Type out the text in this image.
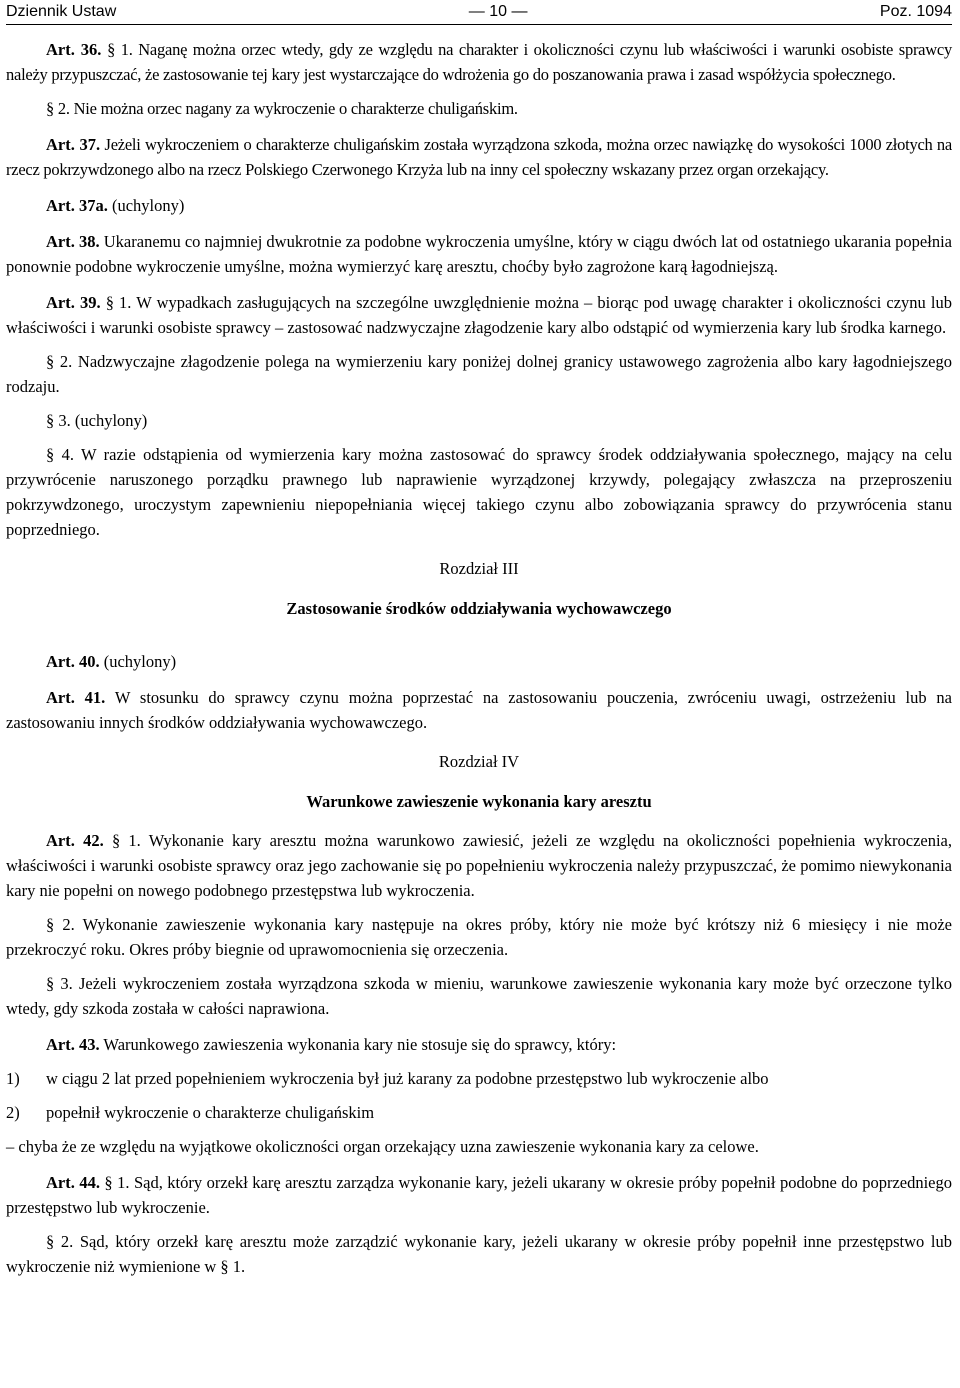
Dziennik Ustaw	— 10 —	Poz. 1094

Art. 36. § 1. Naganę można orzec wtedy, gdy ze względu na charakter i okoliczności czynu lub właściwości i warunki osobiste sprawcy należy przypuszczać, że zastosowanie tej kary jest wystarczające do wdrożenia go do poszanowania prawa i zasad współżycia społecznego.

§ 2. Nie można orzec nagany za wykroczenie o charakterze chuligańskim.

Art. 37. Jeżeli wykroczeniem o charakterze chuligańskim została wyrządzona szkoda, można orzec nawiązkę do wysokości 1000 złotych na rzecz pokrzywdzonego albo na rzecz Polskiego Czerwonego Krzyża lub na inny cel społeczny wskazany przez organ orzekający.

Art. 37a. (uchylony)

Art. 38. Ukaranemu co najmniej dwukrotnie za podobne wykroczenia umyślne, który w ciągu dwóch lat od ostatniego ukarania popełnia ponownie podobne wykroczenie umyślne, można wymierzyć karę aresztu, choćby było zagrożone karą łagodniejszą.

Art. 39. § 1. W wypadkach zasługujących na szczególne uwzględnienie można – biorąc pod uwagę charakter i okoliczności czynu lub właściwości i warunki osobiste sprawcy – zastosować nadzwyczajne złagodzenie kary albo odstąpić od wymierzenia kary lub środka karnego.

§ 2. Nadzwyczajne złagodzenie polega na wymierzeniu kary poniżej dolnej granicy ustawowego zagrożenia albo kary łagodniejszego rodzaju.

§ 3. (uchylony)

§ 4. W razie odstąpienia od wymierzenia kary można zastosować do sprawcy środek oddziaływania społecznego, mający na celu przywrócenie naruszonego porządku prawnego lub naprawienie wyrządzonej krzywdy, polegający zwłaszcza na przeproszeniu pokrzywdzonego, uroczystym zapewnieniu niepopełniania więcej takiego czynu albo zobowiązania sprawcy do przywrócenia stanu poprzedniego.

Rozdział III

Zastosowanie środków oddziaływania wychowawczego

Art. 40. (uchylony)

Art. 41. W stosunku do sprawcy czynu można poprzestać na zastosowaniu pouczenia, zwróceniu uwagi, ostrzeżeniu lub na zastosowaniu innych środków oddziaływania wychowawczego.

Rozdział IV

Warunkowe zawieszenie wykonania kary aresztu

Art. 42. § 1. Wykonanie kary aresztu można warunkowo zawiesić, jeżeli ze względu na okoliczności popełnienia wykroczenia, właściwości i warunki osobiste sprawcy oraz jego zachowanie się po popełnieniu wykroczenia należy przypuszczać, że pomimo niewykonania kary nie popełni on nowego podobnego przestępstwa lub wykroczenia.

§ 2. Wykonanie zawieszenie wykonania kary następuje na okres próby, który nie może być krótszy niż 6 miesięcy i nie może przekroczyć roku. Okres próby biegnie od uprawomocnienia się orzeczenia.

§ 3. Jeżeli wykroczeniem została wyrządzona szkoda w mieniu, warunkowe zawieszenie wykonania kary może być orzeczone tylko wtedy, gdy szkoda została w całości naprawiona.

Art. 43. Warunkowego zawieszenia wykonania kary nie stosuje się do sprawcy, który:

1)	w ciągu 2 lat przed popełnieniem wykroczenia był już karany za podobne przestępstwo lub wykroczenie albo
2)	popełnił wykroczenie o charakterze chuligańskim

– chyba że ze względu na wyjątkowe okoliczności organ orzekający uzna zawieszenie wykonania kary za celowe.

Art. 44. § 1. Sąd, który orzekł karę aresztu zarządza wykonanie kary, jeżeli ukarany w okresie próby popełnił podobne do poprzedniego przestępstwo lub wykroczenie.

§ 2. Sąd, który orzekł karę aresztu może zarządzić wykonanie kary, jeżeli ukarany w okresie próby popełnił inne przestępstwo lub wykroczenie niż wymienione w § 1.
